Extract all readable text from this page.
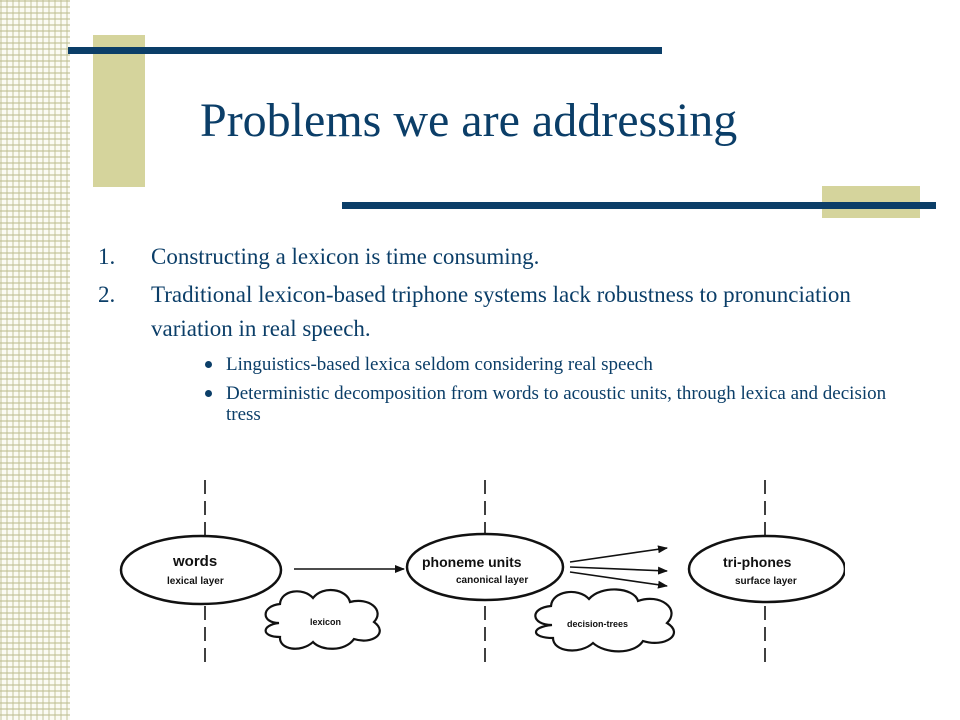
Problems we are addressing
1. Constructing a lexicon is time consuming.
2. Traditional lexicon-based triphone systems lack robustness to pronunciation variation in real speech.
Linguistics-based lexica seldom considering real speech
Deterministic decomposition from words to acoustic units, through lexica and decision tress
words
lexical layer
phoneme units
canonical layer
tri-phones
surface layer
lexicon	decision-trees
